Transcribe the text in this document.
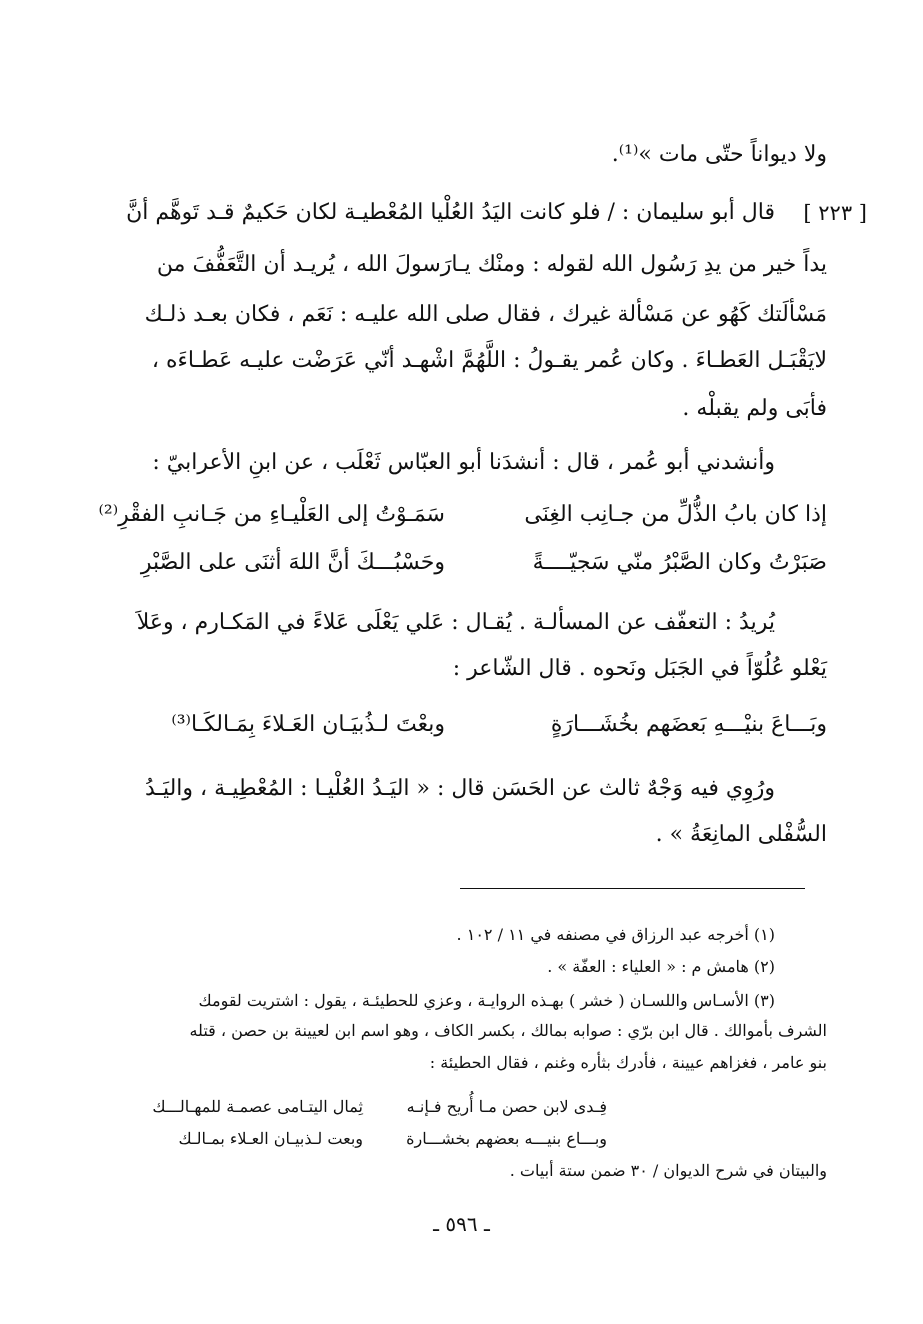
ولا ديواناً حتّى مات »⁽¹⁾.
[ ٢٢٣ ]
قال أبو سليمان : / فلو كانت اليَدُ العُلْيا المُعْطيـة لكان حَكيمٌ قـد تَوهَّم أنَّ
يداً خير من يدِ رَسُول الله لقوله : ومنْك يـارَسولَ الله ، يُريـد أن التَّعَفُّفَ من
مَسْألَتك كَهُو عن مَسْألة غيرك ، فقال صلى الله عليـه : نَعَم ، فكان بعـد ذلـك
لايَقْبَـل العَطـاءَ . وكان عُمر يقـولُ : اللَّهُمَّ اشْهـد أنّي عَرَضْت عليـه عَطـاءَه ،
فأبَى ولم يقبلْه .
وأنشدني أبو عُمر ، قال : أنشدَنا أبو العبّاس ثَعْلَب ، عن ابنِ الأعرابيّ :
إذا كان بابُ الذُّلِّ من جـانِب الغِنَى
سَمَـوْتُ إلى العَلْيـاءِ من جَـانبِ الفقْرِ⁽²⁾
صَبَرْتُ وكان الصَّبْرُ منّي سَجيّــــةً
وحَسْبُـــكَ أنَّ اللهَ أثنَى على الصَّبْرِ
يُريدُ : التعفّف عن المسألـة . يُقـال : عَلي يَعْلَى عَلاءً في المَكـارم ، وعَلاَ
يَعْلو عُلُوّاً في الجَبَل ونَحوه . قال الشّاعر :
وبَـــاعَ بنيْـــهِ بَعضَهم بخُشَـــارَةٍ
وبعْتَ لـذُبيَـان العَـلاءَ بِمَـالكَـا⁽³⁾
ورُوِي فيه وَجْهٌ ثالث عن الحَسَن قال : « اليَـدُ العُلْيـا : المُعْطِيـة ، واليَـدُ
السُّفْلى المانِعَةُ » .
(١) أخرجه عبد الرزاق في مصنفه في ١١ / ١٠٢ .
(٢) هامش م : « العلياء : العفّة » .
(٣) الأسـاس واللسـان ( خشر ) بهـذه الروايـة ، وعزي للحطيئـة ، يقول : اشتريت لقومك
الشرف بأموالك . قال ابن برّي : صوابه بمالك ، بكسر الكاف ، وهو اسم ابن لعيينة بن حصن ، قتله
بنو عامر ، فغزاهم عيينة ، فأدرك بثأره وغنم ، فقال الحطيئة :
فِـدى لابن حصن مـا أُريح فـإنـه
ثِمال اليتـامى عصمـة للمهـالـــك
وبـــاع بنيـــه بعضهم بخشـــارة
وبعت لـذبيـان العـلاء بمـالـك
والبيتان في شرح الديوان / ٣٠ ضمن ستة أبيات .
ـ ٥٩٦ ـ
